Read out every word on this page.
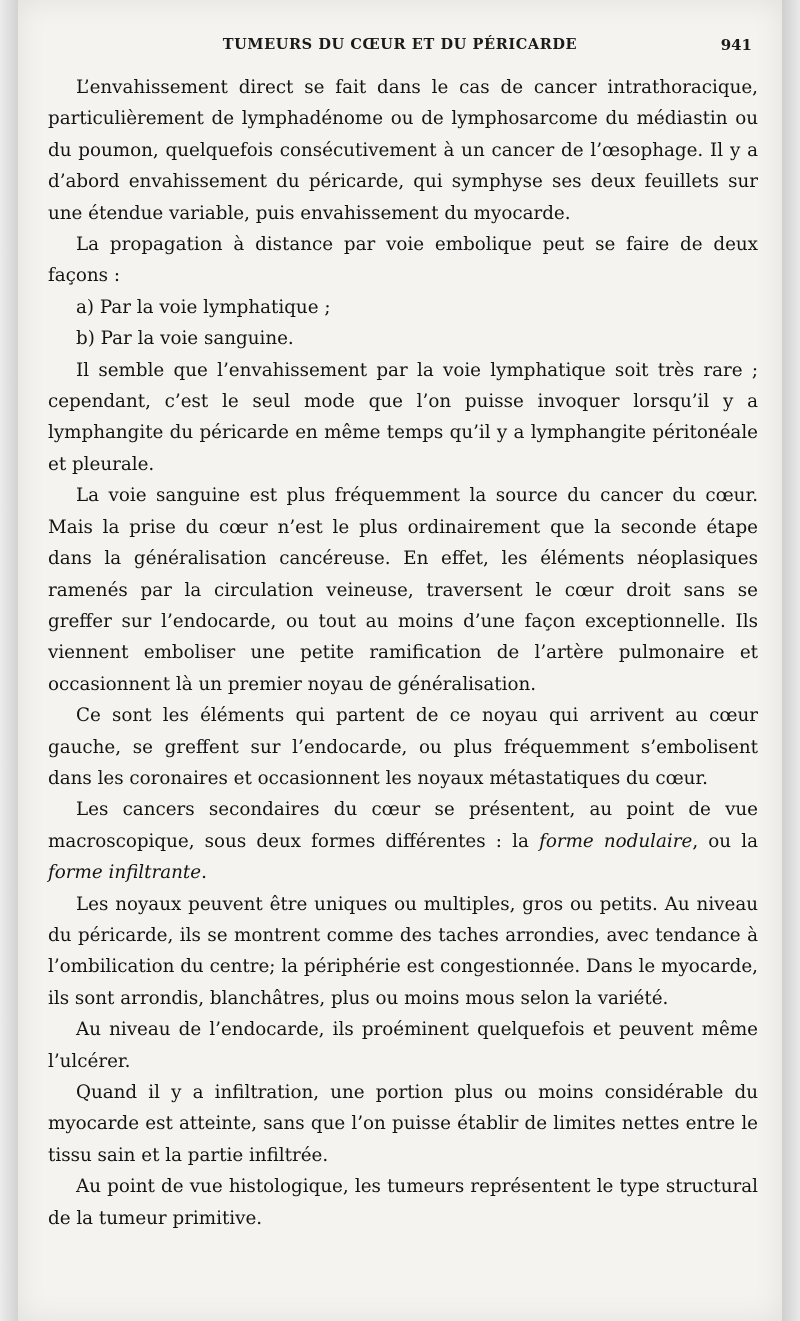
TUMEURS DU CŒUR ET DU PÉRICARDE	941

L’envahissement direct se fait dans le cas de cancer intrathoracique, particulièrement de lymphadénome ou de lymphosarcome du médiastin ou du poumon, quelquefois consécutivement à un cancer de l’œsophage. Il y a d’abord envahissement du péricarde, qui symphyse ses deux feuillets sur une étendue variable, puis envahissement du myocarde.

La propagation à distance par voie embolique peut se faire de deux façons :

a) Par la voie lymphatique ;

b) Par la voie sanguine.

Il semble que l’envahissement par la voie lymphatique soit très rare ; cependant, c’est le seul mode que l’on puisse invoquer lorsqu’il y a lymphangite du péricarde en même temps qu’il y a lymphangite péritonéale et pleurale.

La voie sanguine est plus fréquemment la source du cancer du cœur. Mais la prise du cœur n’est le plus ordinairement que la seconde étape dans la généralisation cancéreuse. En effet, les éléments néoplasiques ramenés par la circulation veineuse, traversent le cœur droit sans se greffer sur l’endocarde, ou tout au moins d’une façon exceptionnelle. Ils viennent emboliser une petite ramification de l’artère pulmonaire et occasionnent là un premier noyau de généralisation.

Ce sont les éléments qui partent de ce noyau qui arrivent au cœur gauche, se greffent sur l’endocarde, ou plus fréquemment s’embolisent dans les coronaires et occasionnent les noyaux métastatiques du cœur.

Les cancers secondaires du cœur se présentent, au point de vue macroscopique, sous deux formes différentes : la forme nodulaire, ou la forme infiltrante.

Les noyaux peuvent être uniques ou multiples, gros ou petits. Au niveau du péricarde, ils se montrent comme des taches arrondies, avec tendance à l’ombilication du centre; la périphérie est congestionnée. Dans le myocarde, ils sont arrondis, blanchâtres, plus ou moins mous selon la variété.

Au niveau de l’endocarde, ils proéminent quelquefois et peuvent même l’ulcérer.

Quand il y a infiltration, une portion plus ou moins considérable du myocarde est atteinte, sans que l’on puisse établir de limites nettes entre le tissu sain et la partie infiltrée.

Au point de vue histologique, les tumeurs représentent le type structural de la tumeur primitive.
